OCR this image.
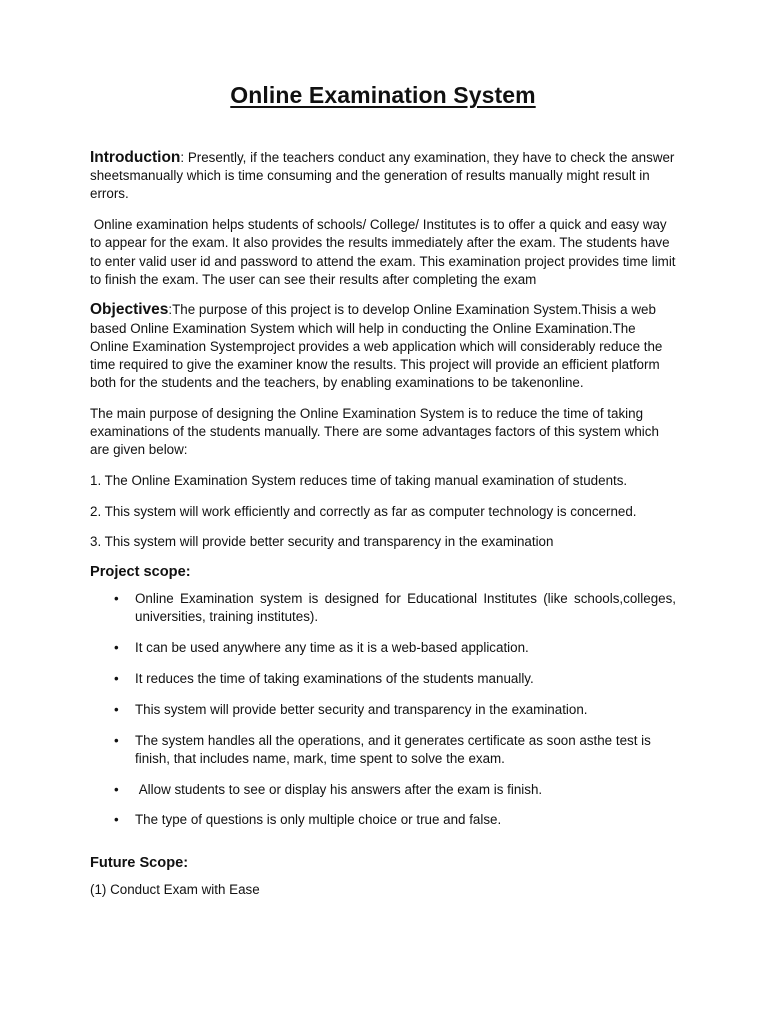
Online Examination System

Introduction: Presently, if the teachers conduct any examination, they have to check the answer sheetsmanually which is time consuming and the generation of results manually might result in errors.

Online examination helps students of schools/ College/ Institutes is to offer a quick and easy way to appear for the exam. It also provides the results immediately after the exam. The students have to enter valid user id and password to attend the exam. This examination project provides time limit to finish the exam. The user can see their results after completing the exam

Objectives:The purpose of this project is to develop Online Examination System.Thisis a web based Online Examination System which will help in conducting the Online Examination.The Online Examination Systemproject provides a web application which will considerably reduce the time required to give the examiner know the results. This project will provide an efficient platform both for the students and the teachers, by enabling examinations to be takenonline.

The main purpose of designing the Online Examination System is to reduce the time of taking examinations of the students manually. There are some advantages factors of this system which are given below:

1. The Online Examination System reduces time of taking manual examination of students.

2. This system will work efficiently and correctly as far as computer technology is concerned.

3. This system will provide better security and transparency in the examination

Project scope:
• Online Examination system is designed for Educational Institutes (like schools,colleges, universities, training institutes).
• It can be used anywhere any time as it is a web-based application.
• It reduces the time of taking examinations of the students manually.
• This system will provide better security and transparency in the examination.
• The system handles all the operations, and it generates certificate as soon asthe test is finish, that includes name, mark, time spent to solve the exam.
• Allow students to see or display his answers after the exam is finish.
• The type of questions is only multiple choice or true and false.
Future Scope:

(1) Conduct Exam with Ease
